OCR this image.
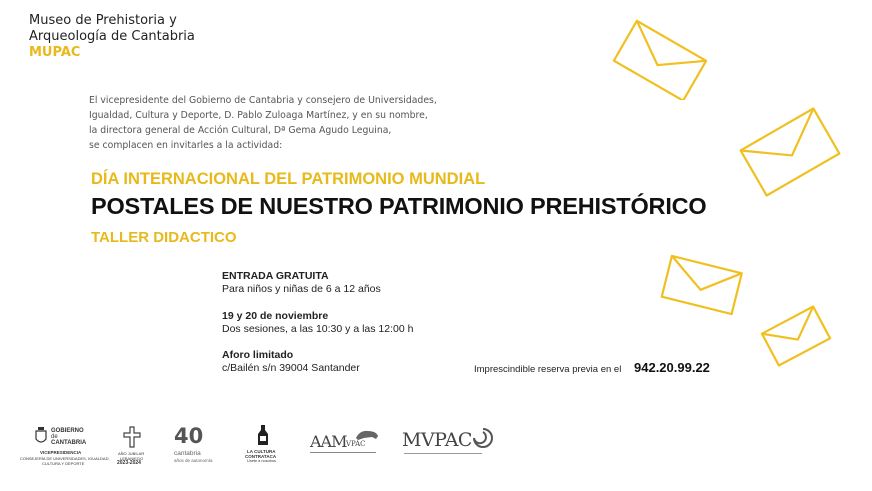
Museo de Prehistoria y
Arqueología de Cantabria
MUPAC
El vicepresidente del Gobierno de Cantabria y consejero de Universidades,
Igualdad, Cultura y Deporte, D. Pablo Zuloaga Martínez, y en su nombre,
la directora general de Acción Cultural, Dª Gema Agudo Leguina,
se complacen en invitarles a la actividad:
DÍA INTERNACIONAL DEL PATRIMONIO MUNDIAL
POSTALES DE NUESTRO PATRIMONIO PREHISTÓRICO
TALLER DIDACTICO
ENTRADA GRATUITA
Para niños y niñas de 6 a 12 años
19 y 20 de noviembre
Dos sesiones, a las 10:30 y a las 12:00 h
Aforo limitado
c/Bailén s/n 39004 Santander	Imprescindible reserva previa en el 942.20.99.22
GOBIERNO
de
CANTABRIA
VICEPRESIDENCIA
CONSEJERÍA DE UNIVERSIDADES, IGUALDAD,
CULTURA Y DEPORTE
AÑO JUBILAR
LEBANIEGO
2023-2024
40
cantabria
años de autonomía
LA CULTURA
CONTRATACA
Unete a nosotros
AAM VPAC MVPAC
